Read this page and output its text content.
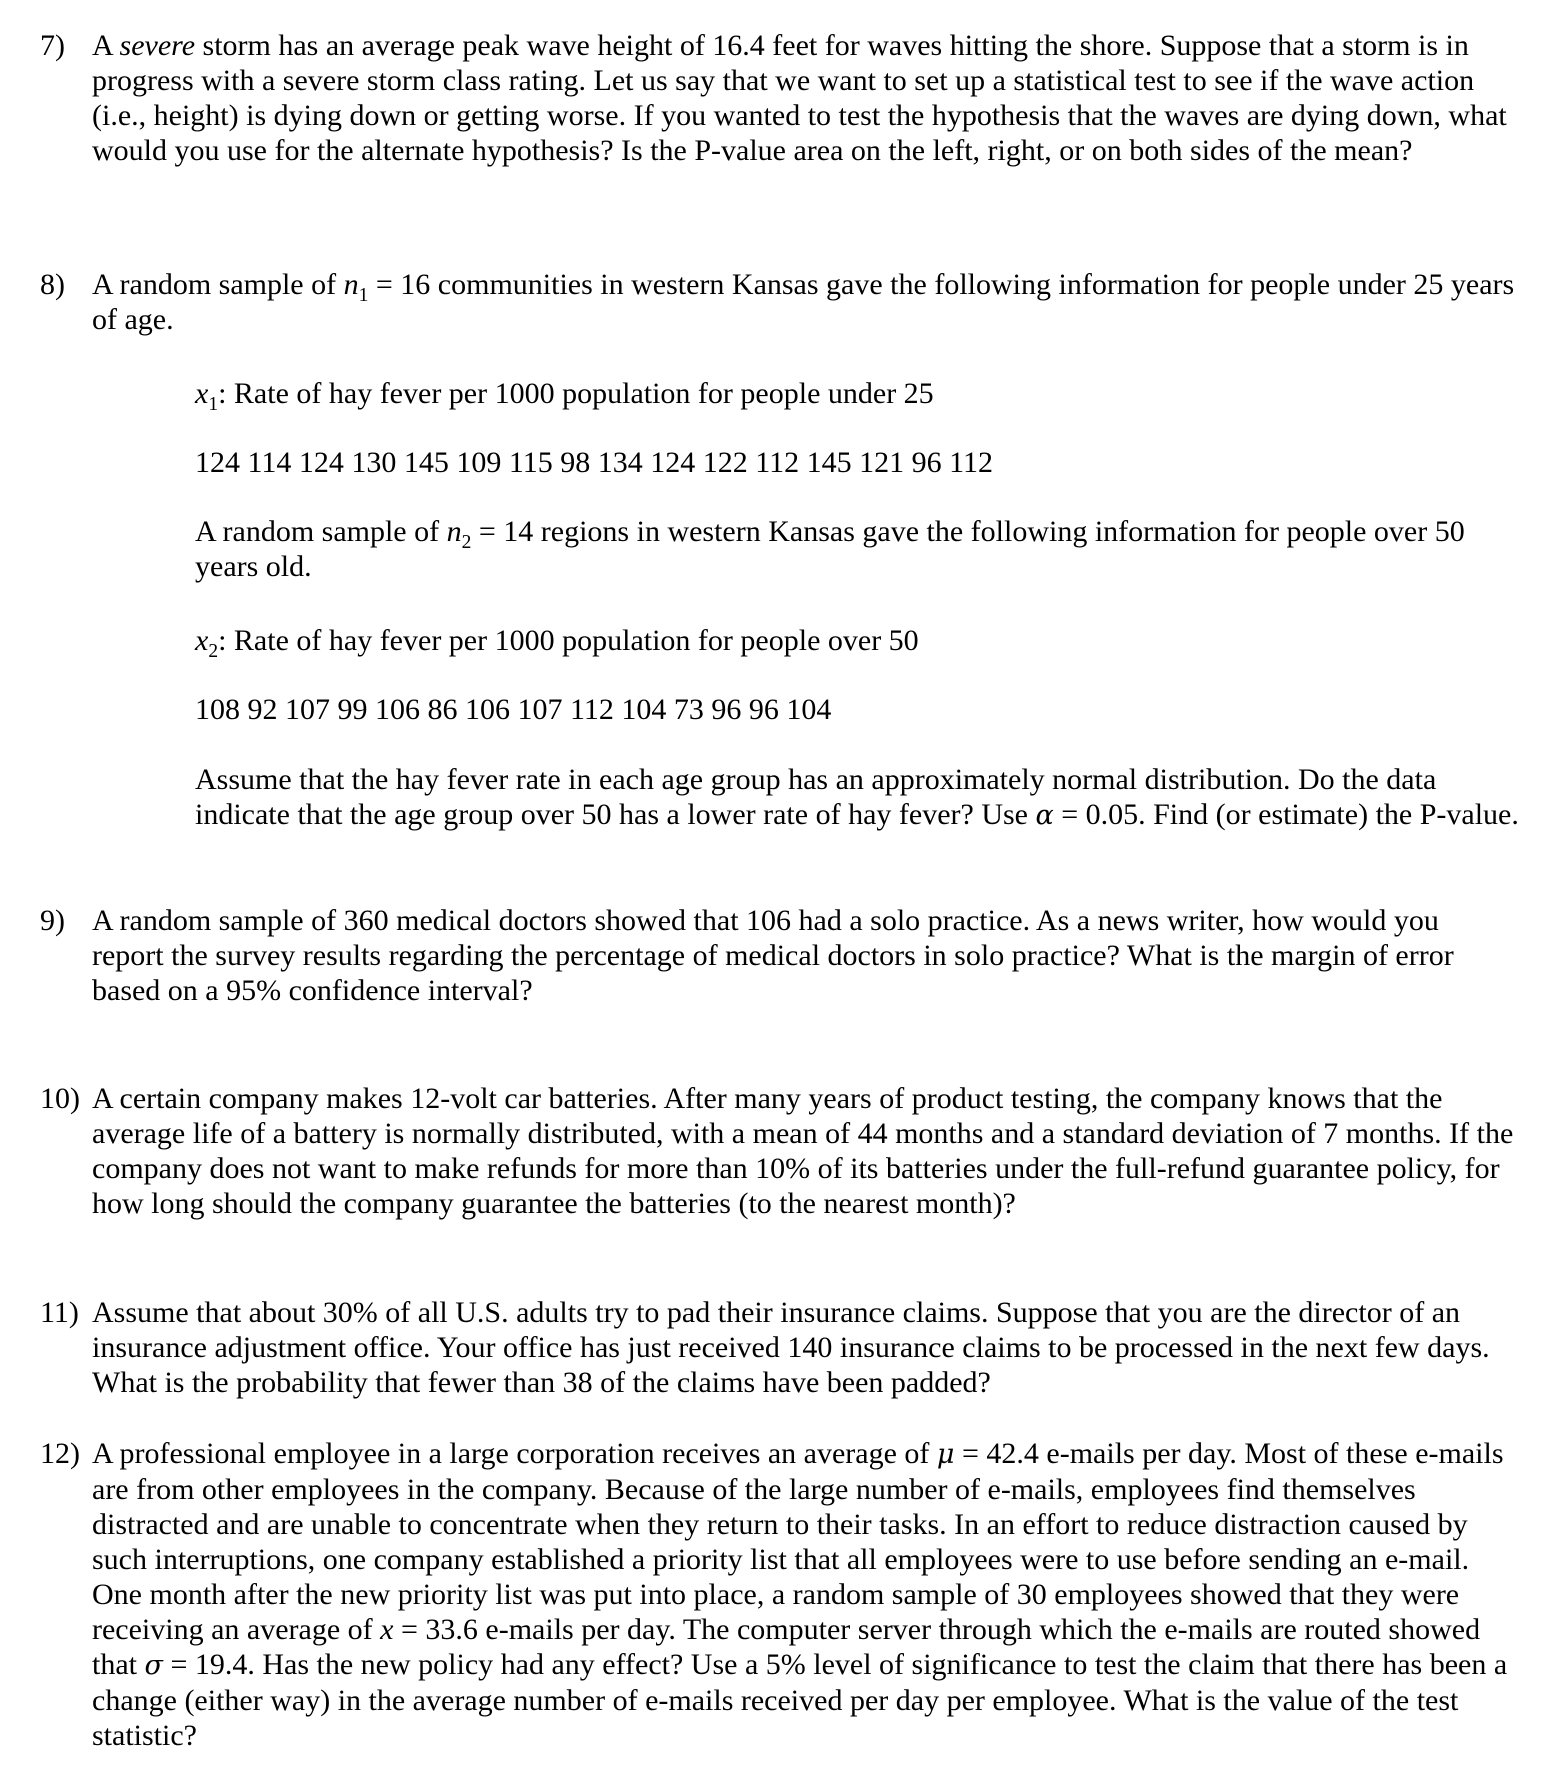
7) A severe storm has an average peak wave height of 16.4 feet for waves hitting the shore. Suppose that a storm is in progress with a severe storm class rating. Let us say that we want to set up a statistical test to see if the wave action (i.e., height) is dying down or getting worse. If you wanted to test the hypothesis that the waves are dying down, what would you use for the alternate hypothesis? Is the P-value area on the left, right, or on both sides of the mean?
8) A random sample of $n_1 = 16$ communities in western Kansas gave the following information for people under 25 years of age.
$x_1$: Rate of hay fever per 1000 population for people under 25
124 114 124 130 145 109 115 98 134 124 122 112 145 121 96 112
A random sample of $n_2 = 14$ regions in western Kansas gave the following information for people over 50 years old.
$x_2$: Rate of hay fever per 1000 population for people over 50
108 92 107 99 106 86 106 107 112 104 73 96 96 104
Assume that the hay fever rate in each age group has an approximately normal distribution. Do the data indicate that the age group over 50 has a lower rate of hay fever? Use α = 0.05. Find (or estimate) the P-value.
9) A random sample of 360 medical doctors showed that 106 had a solo practice. As a news writer, how would you report the survey results regarding the percentage of medical doctors in solo practice? What is the margin of error based on a 95% confidence interval?
10) A certain company makes 12-volt car batteries. After many years of product testing, the company knows that the average life of a battery is normally distributed, with a mean of 44 months and a standard deviation of 7 months. If the company does not want to make refunds for more than 10% of its batteries under the full-refund guarantee policy, for how long should the company guarantee the batteries (to the nearest month)?
11) Assume that about 30% of all U.S. adults try to pad their insurance claims. Suppose that you are the director of an insurance adjustment office. Your office has just received 140 insurance claims to be processed in the next few days. What is the probability that fewer than 38 of the claims have been padded?
12) A professional employee in a large corporation receives an average of μ = 42.4 e-mails per day. Most of these e-mails are from other employees in the company. Because of the large number of e-mails, employees find themselves distracted and are unable to concentrate when they return to their tasks. In an effort to reduce distraction caused by such interruptions, one company established a priority list that all employees were to use before sending an e-mail. One month after the new priority list was put into place, a random sample of 30 employees showed that they were receiving an average of x = 33.6 e-mails per day. The computer server through which the e-mails are routed showed that σ = 19.4. Has the new policy had any effect? Use a 5% level of significance to test the claim that there has been a change (either way) in the average number of e-mails received per day per employee. What is the value of the test statistic?
